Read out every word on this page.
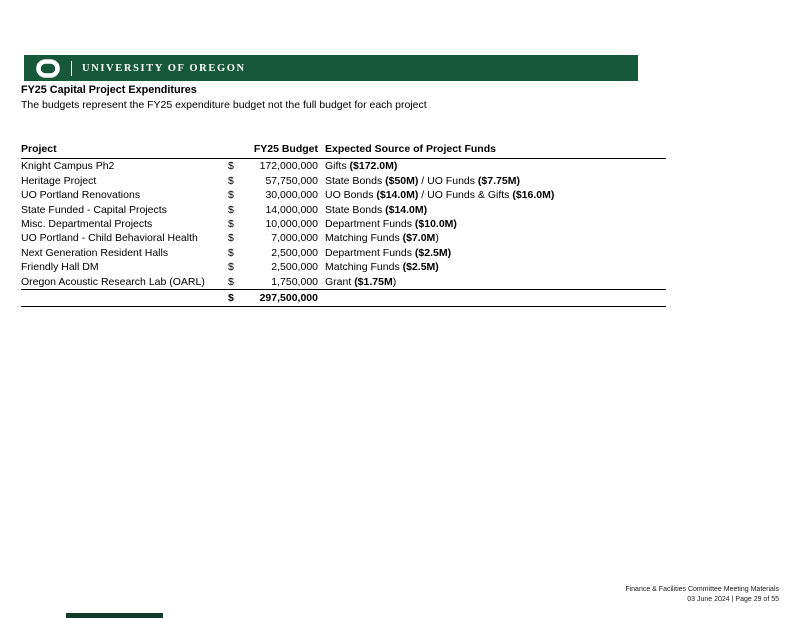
UNIVERSITY OF OREGON
FY25 Capital Project Expenditures
The budgets represent the FY25 expenditure budget not the full budget for each project
Project		FY25 Budget	Expected Source of Project Funds
Knight Campus Ph2	$	172,000,000	Gifts ($172.0M)
Heritage Project	$	57,750,000	State Bonds ($50M) / UO Funds ($7.75M)
UO Portland Renovations	$	30,000,000	UO Bonds ($14.0M) / UO Funds & Gifts ($16.0M)
State Funded - Capital Projects	$	14,000,000	State Bonds ($14.0M)
Misc. Departmental Projects	$	10,000,000	Department Funds ($10.0M)
UO Portland - Child Behavioral Health	$	7,000,000	Matching Funds ($7.0M)
Next Generation Resident Halls	$	2,500,000	Department Funds ($2.5M)
Friendly Hall DM	$	2,500,000	Matching Funds ($2.5M)
Oregon Acoustic Research Lab (OARL)	$	1,750,000	Grant ($1.75M)
	$	297,500,000	
Finance & Facilities Committee Meeting Materials
03 June 2024 | Page 29 of 55
